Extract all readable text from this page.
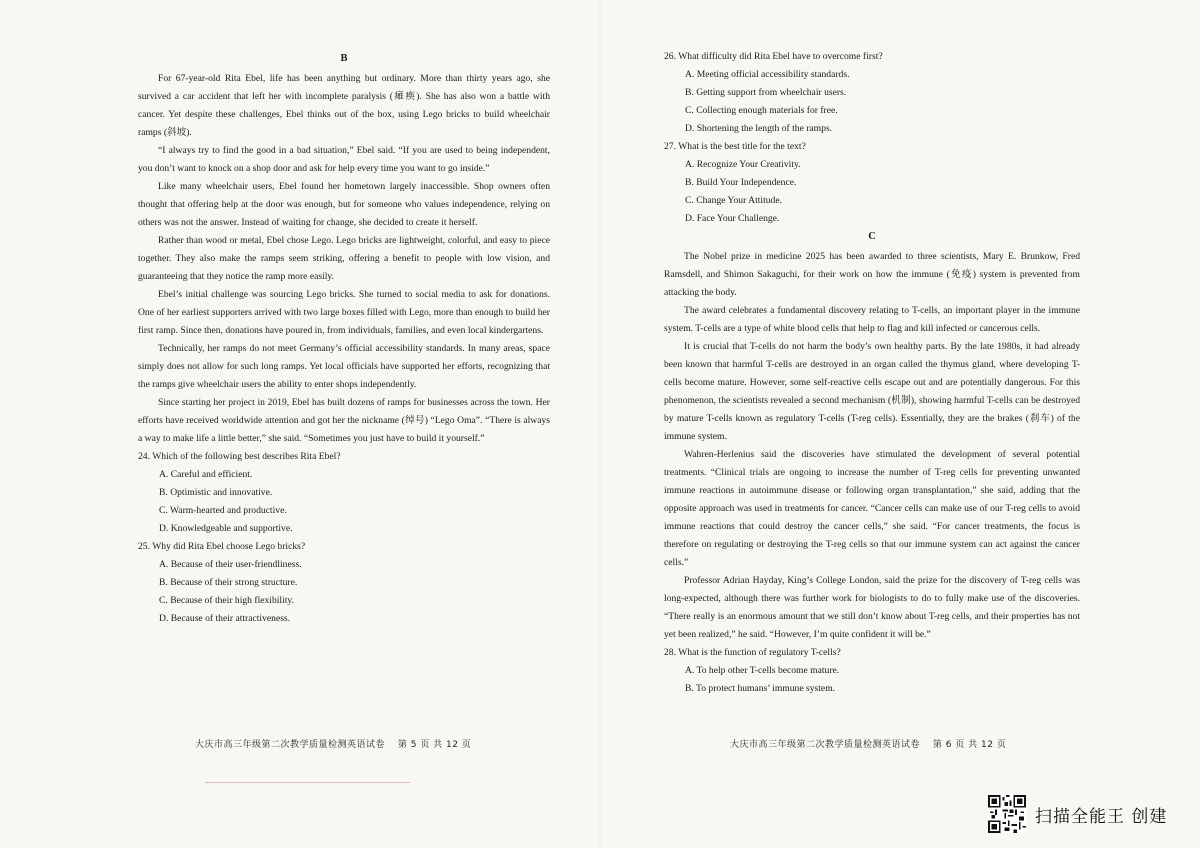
B

For 67-year-old Rita Ebel, life has been anything but ordinary. More than thirty years ago, she survived a car accident that left her with incomplete paralysis (瘫痪). She has also won a battle with cancer. Yet despite these challenges, Ebel thinks out of the box, using Lego bricks to build wheelchair ramps (斜坡).

“I always try to find the good in a bad situation,” Ebel said. “If you are used to being independent, you don’t want to knock on a shop door and ask for help every time you want to go inside.”

Like many wheelchair users, Ebel found her hometown largely inaccessible. Shop owners often thought that offering help at the door was enough, but for someone who values independence, relying on others was not the answer. Instead of waiting for change, she decided to create it herself.

Rather than wood or metal, Ebel chose Lego. Lego bricks are lightweight, colorful, and easy to piece together. They also make the ramps seem striking, offering a benefit to people with low vision, and guaranteeing that they notice the ramp more easily.

Ebel’s initial challenge was sourcing Lego bricks. She turned to social media to ask for donations. One of her earliest supporters arrived with two large boxes filled with Lego, more than enough to build her first ramp. Since then, donations have poured in, from individuals, families, and even local kindergartens.

Technically, her ramps do not meet Germany’s official accessibility standards. In many areas, space simply does not allow for such long ramps. Yet local officials have supported her efforts, recognizing that the ramps give wheelchair users the ability to enter shops independently.

Since starting her project in 2019, Ebel has built dozens of ramps for businesses across the town. Her efforts have received worldwide attention and got her the nickname (绰号) “Lego Oma”. “There is always a way to make life a little better,” she said. “Sometimes you just have to build it yourself.”

24. Which of the following best describes Rita Ebel?

A. Careful and efficient.

B. Optimistic and innovative.

C. Warm-hearted and productive.

D. Knowledgeable and supportive.

25. Why did Rita Ebel choose Lego bricks?

A. Because of their user-friendliness.

B. Because of their strong structure.

C. Because of their high flexibility.

D. Because of their attractiveness.

大庆市高三年级第二次教学质量检测英语试卷　 第 5 页 共 12 页

26. What difficulty did Rita Ebel have to overcome first?

A. Meeting official accessibility standards.

B. Getting support from wheelchair users.

C. Collecting enough materials for free.

D. Shortening the length of the ramps.

27. What is the best title for the text?

A. Recognize Your Creativity.

B. Build Your Independence.

C. Change Your Attitude.

D. Face Your Challenge.

C

The Nobel prize in medicine 2025 has been awarded to three scientists, Mary E. Brunkow, Fred Ramsdell, and Shimon Sakaguchi, for their work on how the immune (免疫) system is prevented from attacking the body.

The award celebrates a fundamental discovery relating to T-cells, an important player in the immune system. T-cells are a type of white blood cells that help to flag and kill infected or cancerous cells.

It is crucial that T-cells do not harm the body’s own healthy parts. By the late 1980s, it had already been known that harmful T-cells are destroyed in an organ called the thymus gland, where developing T-cells become mature. However, some self-reactive cells escape out and are potentially dangerous. For this phenomenon, the scientists revealed a second mechanism (机制), showing harmful T-cells can be destroyed by mature T-cells known as regulatory T-cells (T-reg cells). Essentially, they are the brakes (刹车) of the immune system.

Wahren-Herlenius said the discoveries have stimulated the development of several potential treatments. “Clinical trials are ongoing to increase the number of T-reg cells for preventing unwanted immune reactions in autoimmune disease or following organ transplantation,” she said, adding that the opposite approach was used in treatments for cancer. “Cancer cells can make use of our T-reg cells to avoid immune reactions that could destroy the cancer cells,” she said. “For cancer treatments, the focus is therefore on regulating or destroying the T-reg cells so that our immune system can act against the cancer cells.”

Professor Adrian Hayday, King’s College London, said the prize for the discovery of T-reg cells was long-expected, although there was further work for biologists to do to fully make use of the discoveries. “There really is an enormous amount that we still don’t know about T-reg cells, and their properties has not yet been realized,” he said. “However, I’m quite confident it will be.”

28. What is the function of regulatory T-cells?

A. To help other T-cells become mature.

B. To protect humans’ immune system.

大庆市高三年级第二次教学质量检测英语试卷　 第 6 页 共 12 页
扫描全能王 创建
